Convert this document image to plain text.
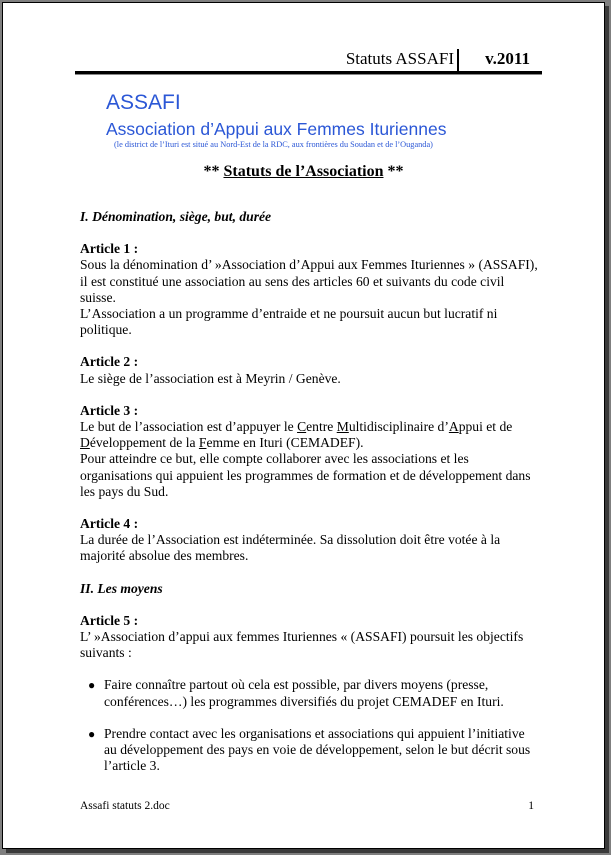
Statuts ASSAFI v.2011
ASSAFI
Association d’Appui aux Femmes Ituriennes
(le district de l’Ituri est situé au Nord-Est de la RDC, aux frontières du Soudan et de l’Ouganda)
** Statuts de l’Association **

I. Dénomination, siège, but, durée

Article 1 :

Sous la dénomination d’ »Association d’Appui aux Femmes Ituriennes » (ASSAFI), il est constitué une association au sens des articles 60 et suivants du code civil suisse.

L’Association a un programme d’entraide et ne poursuit aucun but lucratif ni politique.

Article 2 :

Le siège de l’association est à Meyrin / Genève.

Article 3 :

Le but de l’association est d’appuyer le Centre Multidisciplinaire d’Appui et de Développement de la Femme en Ituri (CEMADEF).

Pour atteindre ce but, elle compte collaborer avec les associations et les organisations qui appuient les programmes de formation et de développement dans les pays du Sud.

Article 4 :

La durée de l’Association est indéterminée. Sa dissolution doit être votée à la majorité absolue des membres.

II. Les moyens

Article 5 :

L’ »Association d’appui aux femmes Ituriennes « (ASSAFI) poursuit les objectifs suivants :

● Faire connaître partout où cela est possible, par divers moyens (presse, conférences…) les programmes diversifiés du projet CEMADEF en Ituri.
● Prendre contact avec les organisations et associations qui appuient l’initiative au développement des pays en voie de développement, selon le but décrit sous l’article 3.
Assafi statuts 2.doc	1
